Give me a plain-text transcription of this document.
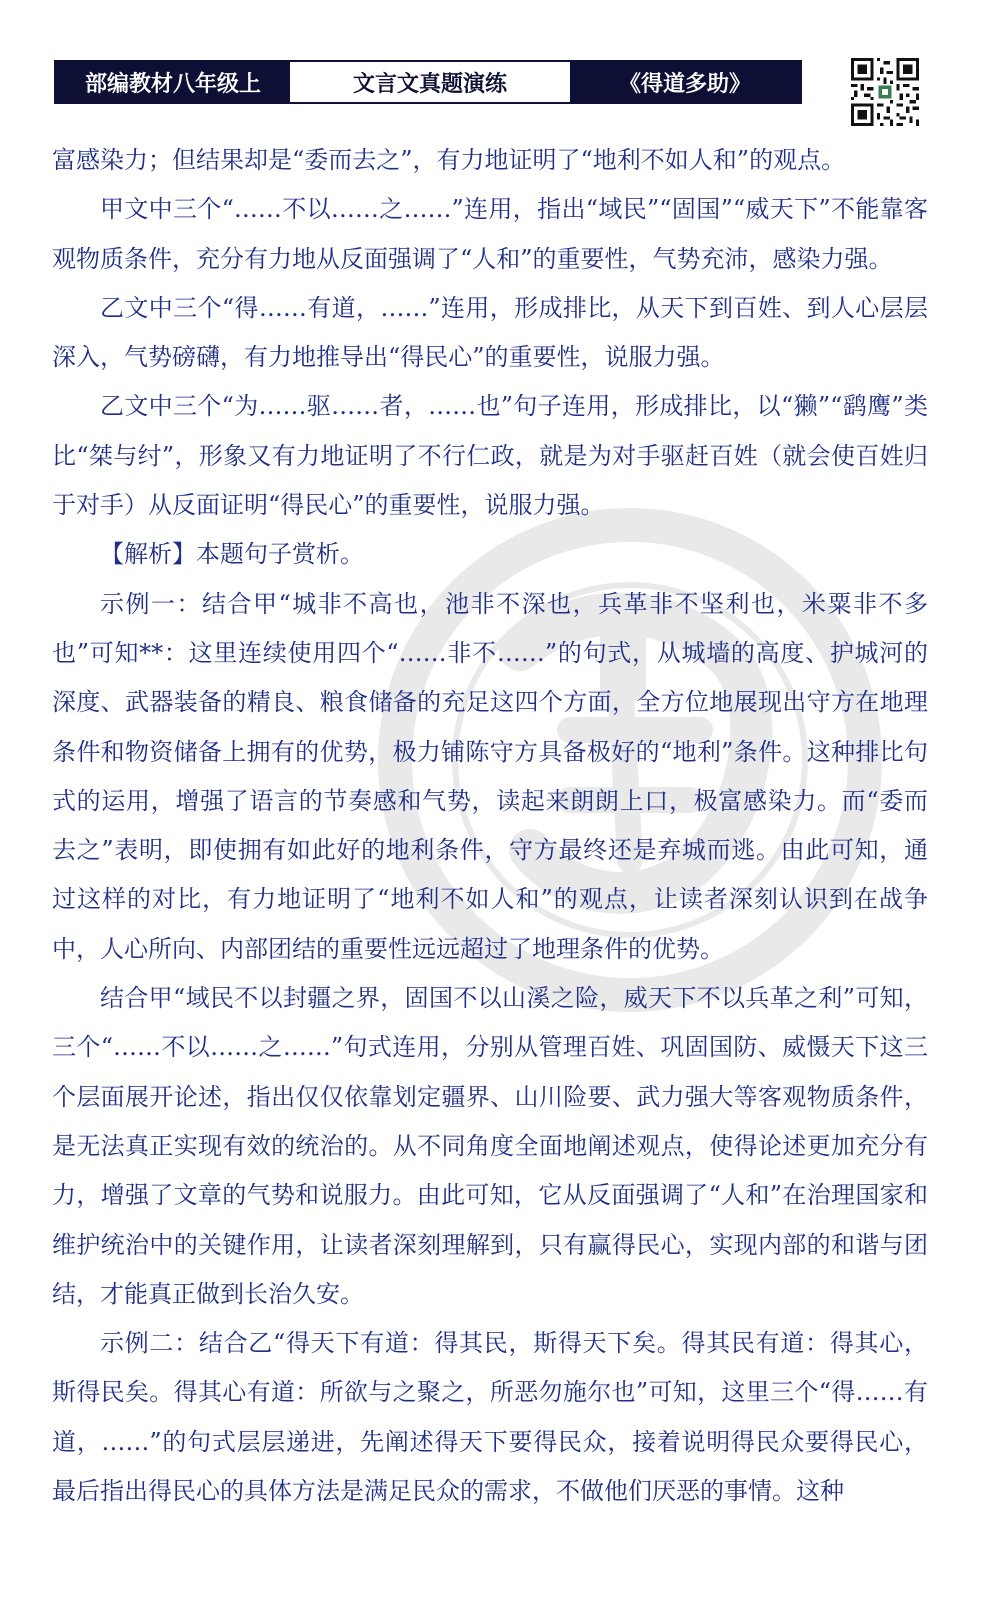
部编教材八年级上	文言文真题演练	《得道多助》

富感染力；但结果却是“委而去之”，有力地证明了“地利不如人和”的观点。

甲文中三个“……不以……之……”连用，指出“域民”“固国”“威天下”不能靠客观物质条件，充分有力地从反面强调了“人和”的重要性，气势充沛，感染力强。

乙文中三个“得……有道，……”连用，形成排比，从天下到百姓、到人心层层深入，气势磅礴，有力地推导出“得民心”的重要性，说服力强。

乙文中三个“为……驱……者，……也”句子连用，形成排比，以“獭”“鹞鹰”类比“桀与纣”，形象又有力地证明了不行仁政，就是为对手驱赶百姓（就会使百姓归于对手）从反面证明“得民心”的重要性，说服力强。

【解析】本题句子赏析。

示例一：结合甲“城非不高也，池非不深也，兵革非不坚利也，米粟非不多也”可知**：这里连续使用四个“……非不……”的句式，从城墙的高度、护城河的深度、武器装备的精良、粮食储备的充足这四个方面，全方位地展现出守方在地理条件和物资储备上拥有的优势，极力铺陈守方具备极好的“地利”条件。这种排比句式的运用，增强了语言的节奏感和气势，读起来朗朗上口，极富感染力。而“委而去之”表明，即使拥有如此好的地利条件，守方最终还是弃城而逃。由此可知，通过这样的对比，有力地证明了“地利不如人和”的观点，让读者深刻认识到在战争中，人心所向、内部团结的重要性远远超过了地理条件的优势。

结合甲“域民不以封疆之界，固国不以山溪之险，威天下不以兵革之利”可知，三个“……不以……之……”句式连用，分别从管理百姓、巩固国防、威慑天下这三个层面展开论述，指出仅仅依靠划定疆界、山川险要、武力强大等客观物质条件，是无法真正实现有效的统治的。从不同角度全面地阐述观点，使得论述更加充分有力，增强了文章的气势和说服力。由此可知，它从反面强调了“人和”在治理国家和维护统治中的关键作用，让读者深刻理解到，只有赢得民心，实现内部的和谐与团结，才能真正做到长治久安。

示例二：结合乙“得天下有道：得其民，斯得天下矣。得其民有道：得其心，斯得民矣。得其心有道：所欲与之聚之，所恶勿施尔也”可知，这里三个“得……有道，……”的句式层层递进，先阐述得天下要得民众，接着说明得民众要得民心，最后指出得民心的具体方法是满足民众的需求，不做他们厌恶的事情。这种
